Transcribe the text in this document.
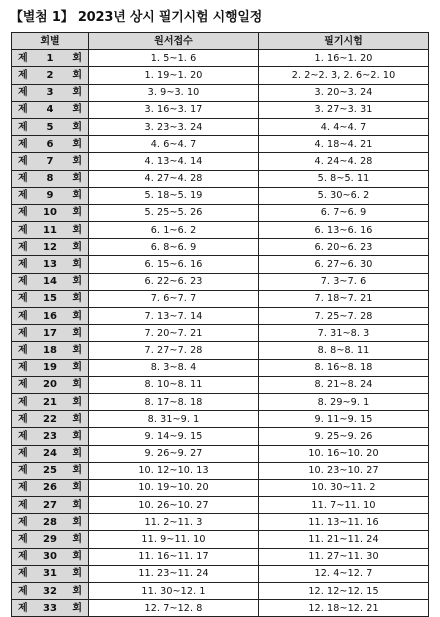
【별첨 1】 2023년 상시 필기시험 시행일정
회별	원서접수	필기시험
제 1 회	1. 5~1. 6	1. 16~1. 20
제 2 회	1. 19~1. 20	2. 2~2. 3, 2. 6~2. 10
제 3 회	3. 9~3. 10	3. 20~3. 24
제 4 회	3. 16~3. 17	3. 27~3. 31
제 5 회	3. 23~3. 24	4. 4~4. 7
제 6 회	4. 6~4. 7	4. 18~4. 21
제 7 회	4. 13~4. 14	4. 24~4. 28
제 8 회	4. 27~4. 28	5. 8~5. 11
제 9 회	5. 18~5. 19	5. 30~6. 2
제 10 회	5. 25~5. 26	6. 7~6. 9
제 11 회	6. 1~6. 2	6. 13~6. 16
제 12 회	6. 8~6. 9	6. 20~6. 23
제 13 회	6. 15~6. 16	6. 27~6. 30
제 14 회	6. 22~6. 23	7. 3~7. 6
제 15 회	7. 6~7. 7	7. 18~7. 21
제 16 회	7. 13~7. 14	7. 25~7. 28
제 17 회	7. 20~7. 21	7. 31~8. 3
제 18 회	7. 27~7. 28	8. 8~8. 11
제 19 회	8. 3~8. 4	8. 16~8. 18
제 20 회	8. 10~8. 11	8. 21~8. 24
제 21 회	8. 17~8. 18	8. 29~9. 1
제 22 회	8. 31~9. 1	9. 11~9. 15
제 23 회	9. 14~9. 15	9. 25~9. 26
제 24 회	9. 26~9. 27	10. 16~10. 20
제 25 회	10. 12~10. 13	10. 23~10. 27
제 26 회	10. 19~10. 20	10. 30~11. 2
제 27 회	10. 26~10. 27	11. 7~11. 10
제 28 회	11. 2~11. 3	11. 13~11. 16
제 29 회	11. 9~11. 10	11. 21~11. 24
제 30 회	11. 16~11. 17	11. 27~11. 30
제 31 회	11. 23~11. 24	12. 4~12. 7
제 32 회	11. 30~12. 1	12. 12~12. 15
제 33 회	12. 7~12. 8	12. 18~12. 21
